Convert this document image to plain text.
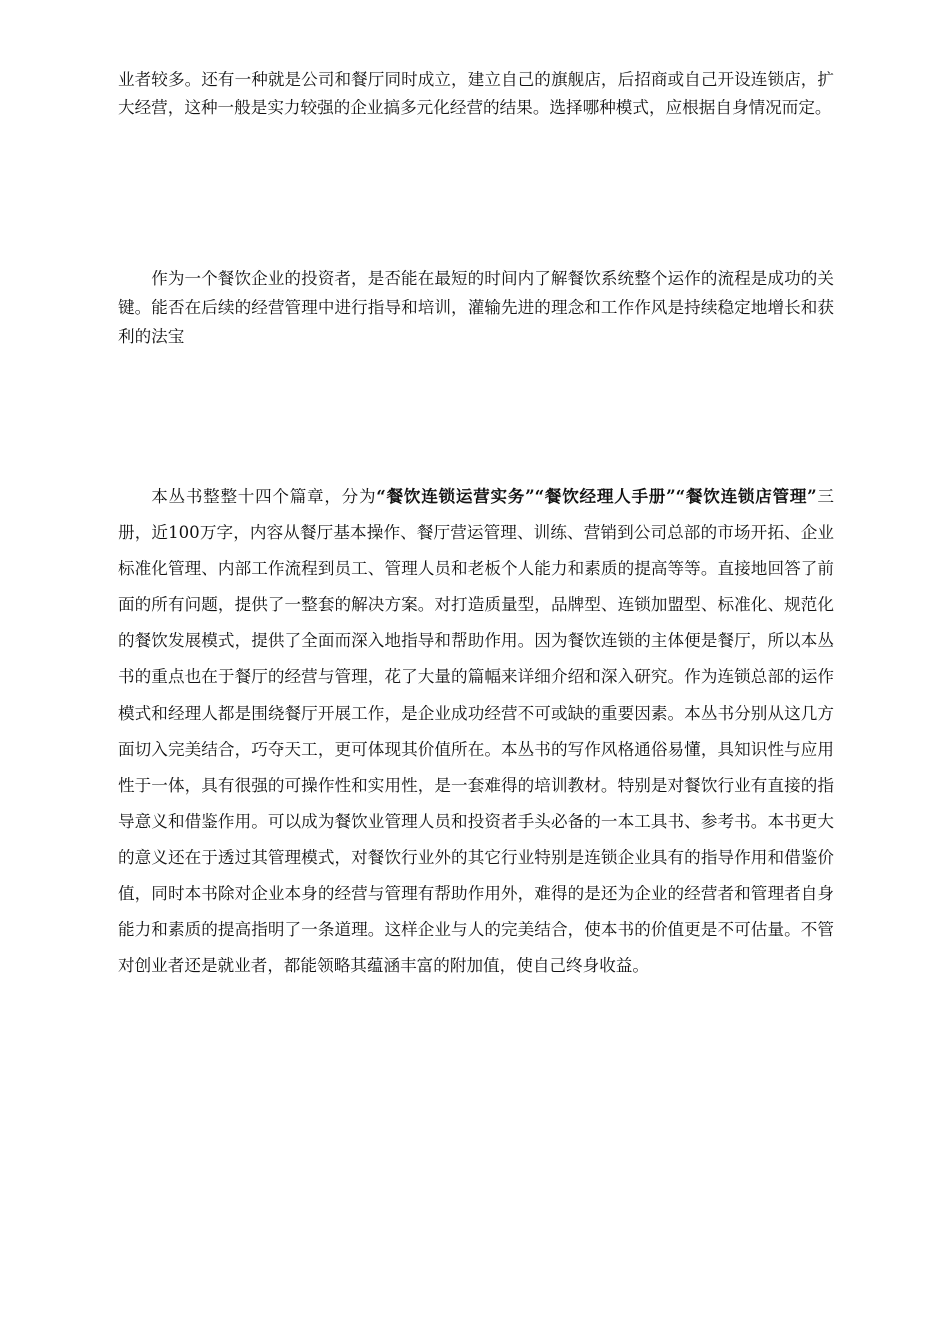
业者较多。还有一种就是公司和餐厅同时成立，建立自己的旗舰店，后招商或自己开设连锁店，扩大经营，这种一般是实力较强的企业搞多元化经营的结果。选择哪种模式，应根据自身情况而定。

作为一个餐饮企业的投资者，是否能在最短的时间内了解餐饮系统整个运作的流程是成功的关键。能否在后续的经营管理中进行指导和培训，灌输先进的理念和工作作风是持续稳定地增长和获利的法宝

本丛书整整十四个篇章，分为“餐饮连锁运营实务”“餐饮经理人手册”“餐饮连锁店管理”三册，近100万字，内容从餐厅基本操作、餐厅营运管理、训练、营销到公司总部的市场开拓、企业标准化管理、内部工作流程到员工、管理人员和老板个人能力和素质的提高等等。直接地回答了前面的所有问题，提供了一整套的解决方案。对打造质量型，品牌型、连锁加盟型、标准化、规范化的餐饮发展模式，提供了全面而深入地指导和帮助作用。因为餐饮连锁的主体便是餐厅，所以本丛书的重点也在于餐厅的经营与管理，花了大量的篇幅来详细介绍和深入研究。作为连锁总部的运作模式和经理人都是围绕餐厅开展工作，是企业成功经营不可或缺的重要因素。本丛书分别从这几方面切入完美结合，巧夺天工，更可体现其价值所在。本丛书的写作风格通俗易懂，具知识性与应用性于一体，具有很强的可操作性和实用性，是一套难得的培训教材。特别是对餐饮行业有直接的指导意义和借鉴作用。可以成为餐饮业管理人员和投资者手头必备的一本工具书、参考书。本书更大的意义还在于透过其管理模式，对餐饮行业外的其它行业特别是连锁企业具有的指导作用和借鉴价值，同时本书除对企业本身的经营与管理有帮助作用外，难得的是还为企业的经营者和管理者自身能力和素质的提高指明了一条道理。这样企业与人的完美结合，使本书的价值更是不可估量。不管对创业者还是就业者，都能领略其蕴涵丰富的附加值，使自己终身收益。
